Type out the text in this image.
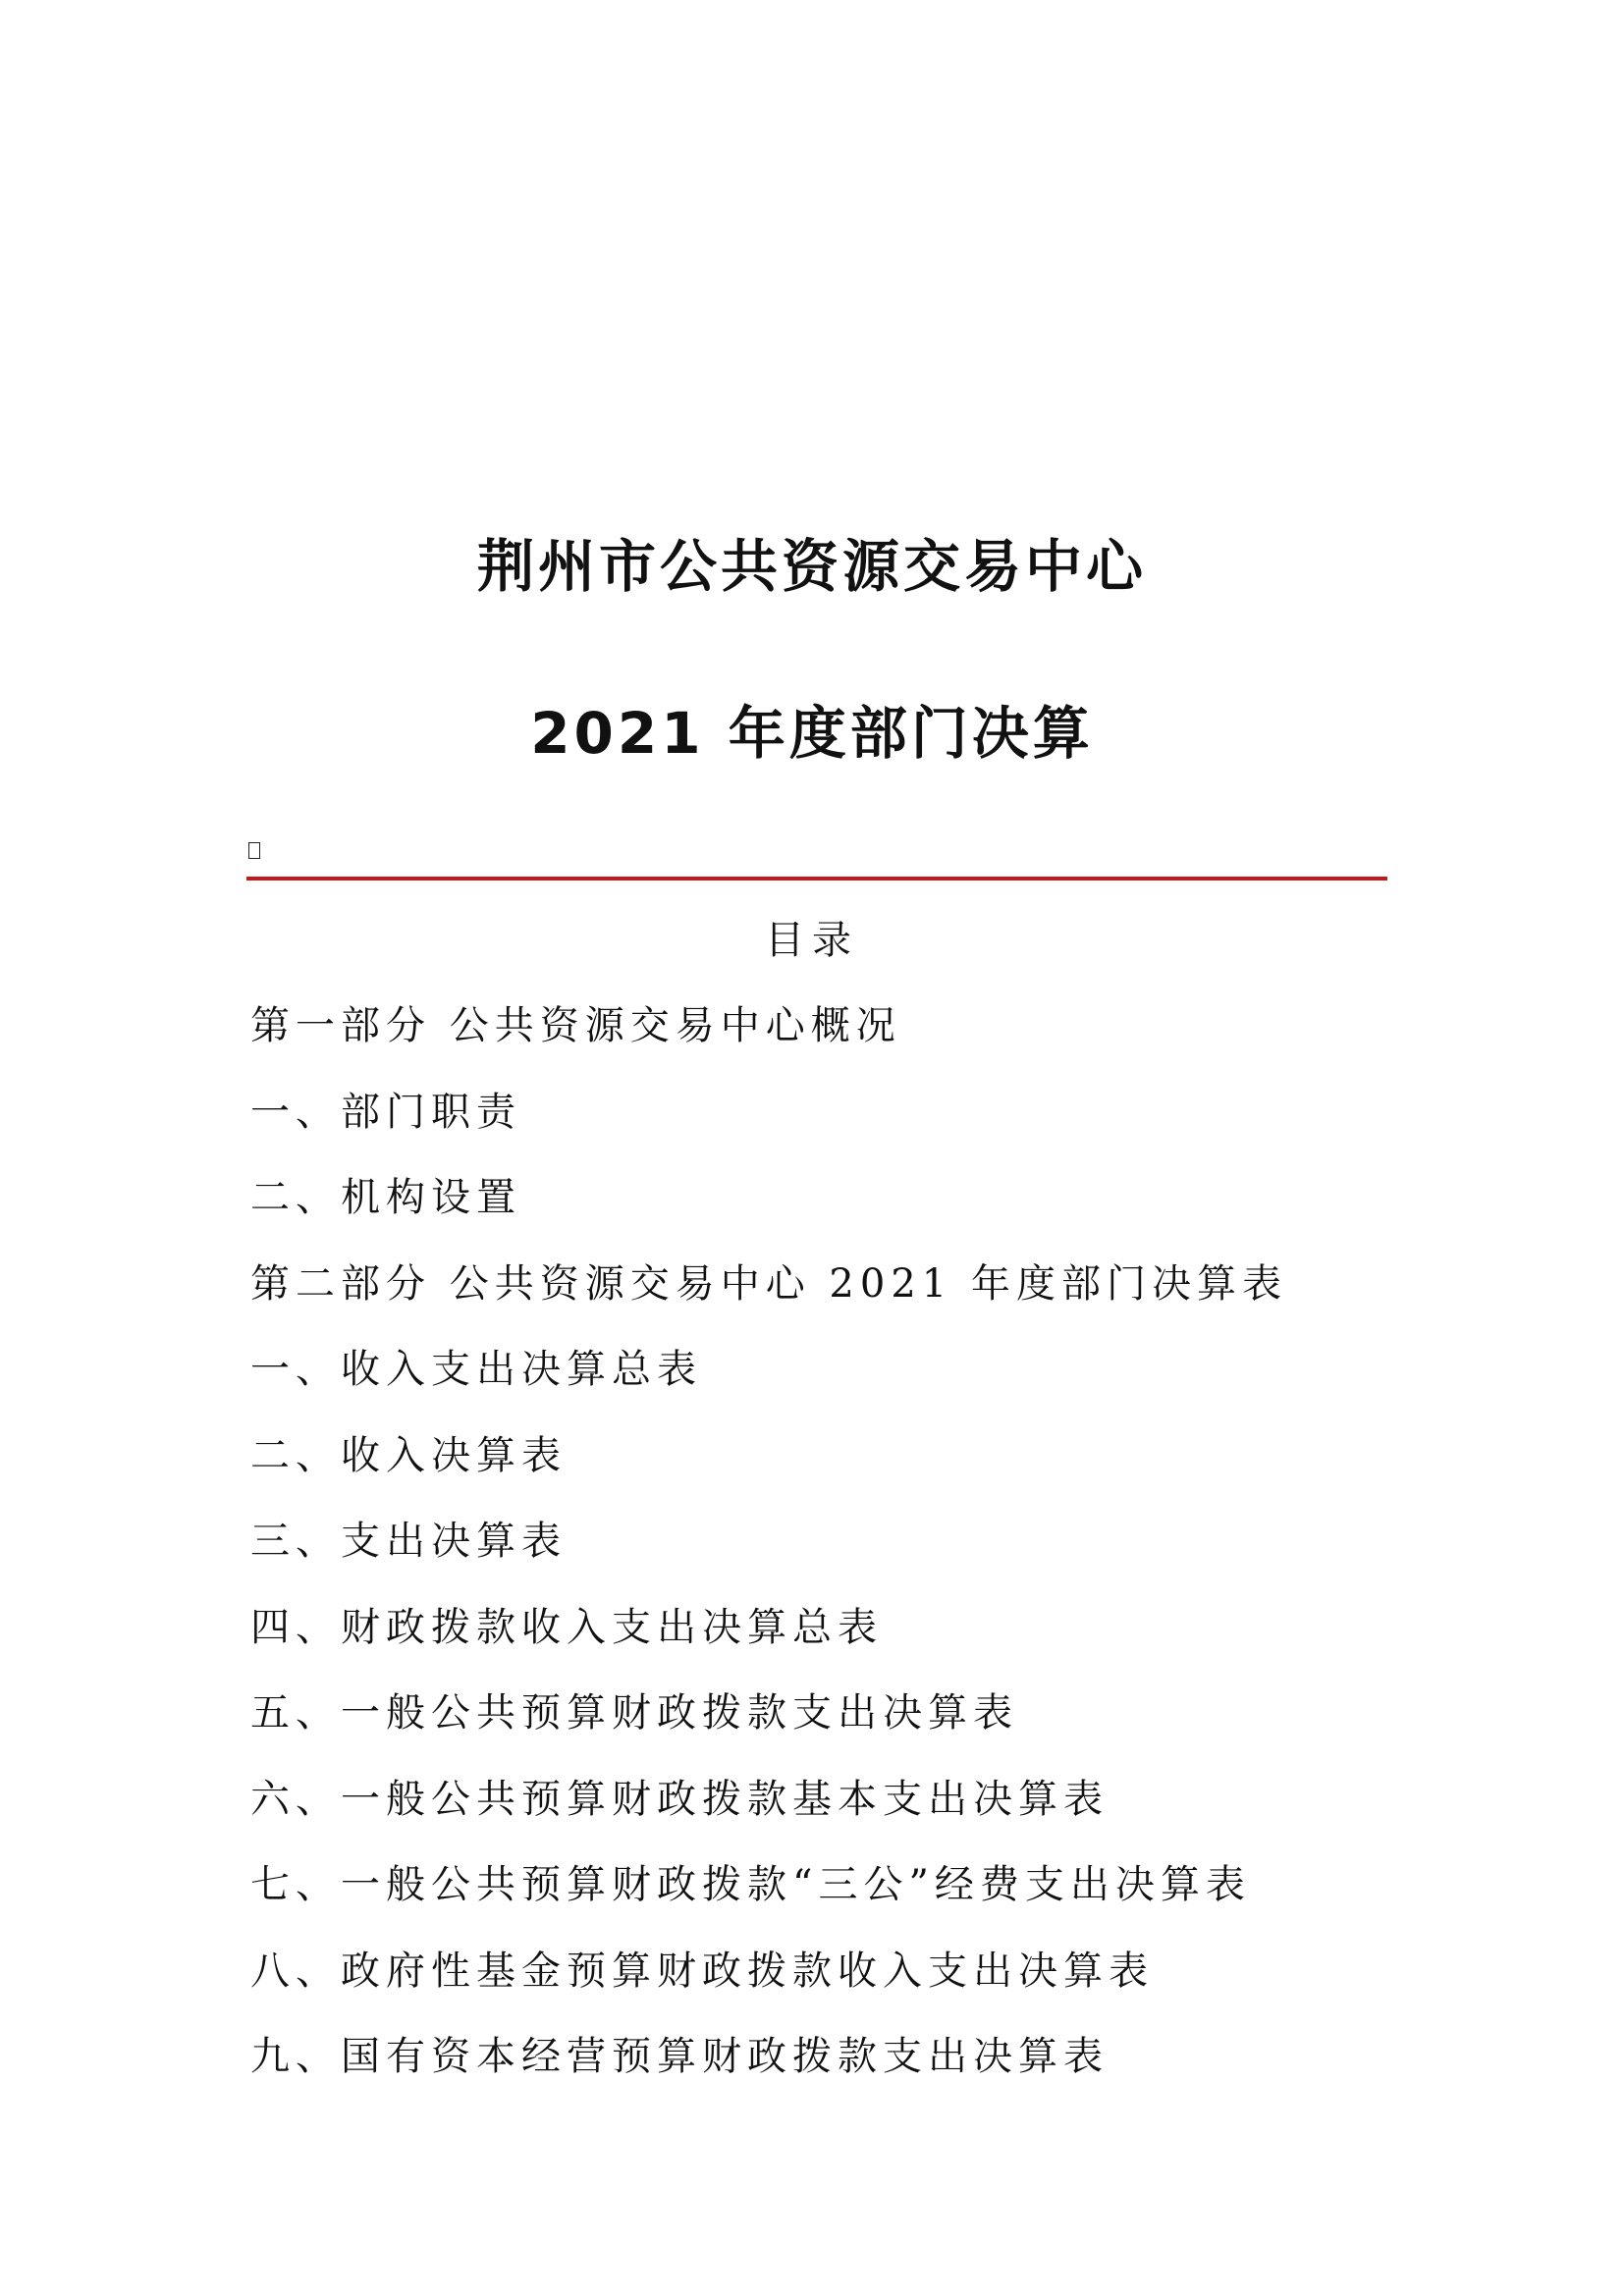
荆州市公共资源交易中心
2021 年度部门决算
目录
第一部分 公共资源交易中心概况
一、部门职责
二、机构设置
第二部分 公共资源交易中心 2021 年度部门决算表
一、收入支出决算总表
二、收入决算表
三、支出决算表
四、财政拨款收入支出决算总表
五、一般公共预算财政拨款支出决算表
六、一般公共预算财政拨款基本支出决算表
七、一般公共预算财政拨款“三公”经费支出决算表
八、政府性基金预算财政拨款收入支出决算表
九、国有资本经营预算财政拨款支出决算表
